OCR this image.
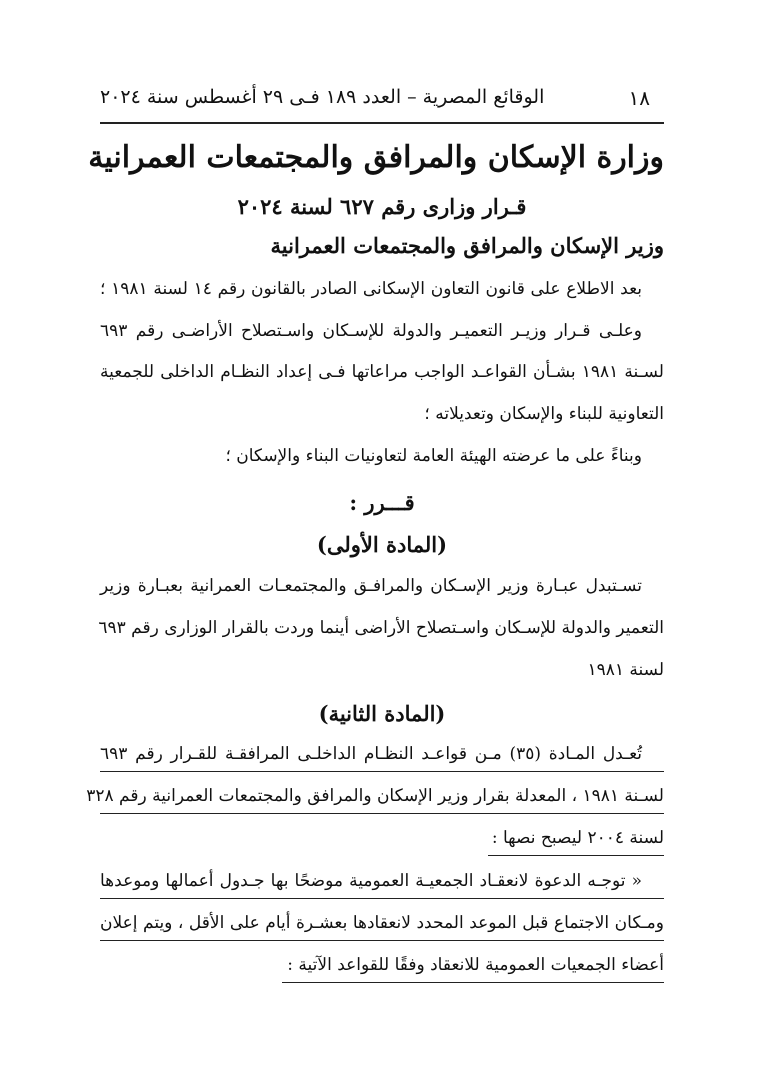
الوقائع المصرية – العدد ١٨٩ فـى ٢٩ أغسطس سنة ٢٠٢٤	١٨
وزارة الإسكان والمرافق والمجتمعات العمرانية
قـرار وزارى رقم ٦٢٧ لسنة ٢٠٢٤
وزير الإسكان والمرافق والمجتمعات العمرانية
بعد الاطلاع على قانون التعاون الإسكانى الصادر بالقانون رقم ١٤ لسنة ١٩٨١ ؛
وعلـى قـرار وزيـر التعميـر والدولة للإسـكان واسـتصلاح الأراضـى رقم ٦٩٣
لسـنة ١٩٨١ بشـأن القواعـد الواجب مراعاتها فـى إعداد النظـام الداخلى للجمعية
التعاونية للبناء والإسكان وتعديلاته ؛
وبناءً على ما عرضته الهيئة العامة لتعاونيات البناء والإسكان ؛
قـــرر :
(المادة الأولى)
تسـتبدل عبـارة وزير الإسـكان والمرافـق والمجتمعـات العمرانية بعبـارة وزير
التعمير والدولة للإسـكان واسـتصلاح الأراضى أينما وردت بالقرار الوزارى رقم ٦٩٣
لسنة ١٩٨١
(المادة الثانية)
تُعـدل المـادة (٣٥) مـن قواعـد النظـام الداخلـى المرافقـة للقـرار رقم ٦٩٣
لسـنة ١٩٨١ ، المعدلة بقرار وزير الإسكان والمرافق والمجتمعات العمرانية رقم ٣٢٨
لسنة ٢٠٠٤ ليصبح نصها :
« توجـه الدعوة لانعقـاد الجمعيـة العمومية موضحًا بها جـدول أعمالها وموعدها
ومـكان الاجتماع قبل الموعد المحدد لانعقادها بعشـرة أيام على الأقل ، ويتم إعلان
أعضاء الجمعيات العمومية للانعقاد وفقًا للقواعد الآتية :
